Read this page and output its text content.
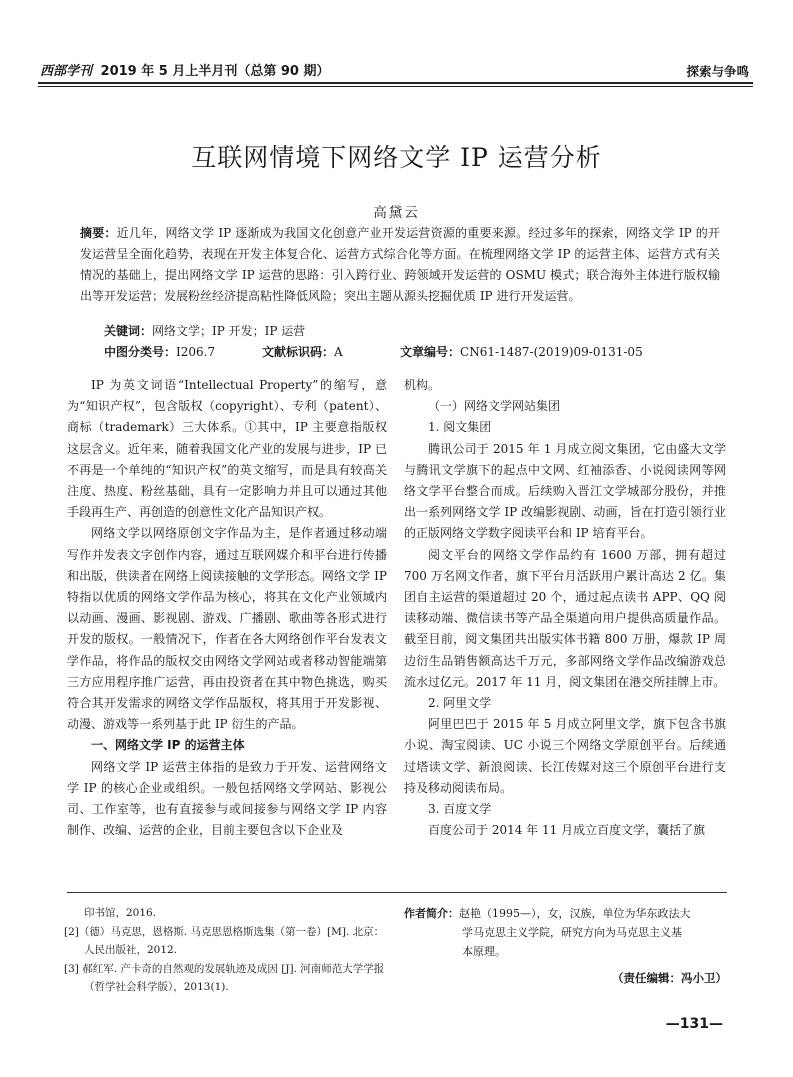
西部学刊 2019 年 5 月上半月刊（总第 90 期）	探索与争鸣
互联网情境下网络文学 IP 运营分析
高黛云
摘要：近几年，网络文学 IP 逐渐成为我国文化创意产业开发运营资源的重要来源。经过多年的探索，网络文学 IP 的开发运营呈全面化趋势，表现在开发主体复合化、运营方式综合化等方面。在梳理网络文学 IP 的运营主体、运营方式有关情况的基础上，提出网络文学 IP 运营的思路：引入跨行业、跨领域开发运营的 OSMU 模式；联合海外主体进行版权输出等开发运营；发展粉丝经济提高粘性降低风险；突出主题从源头挖掘优质 IP 进行开发运营。
关键词：网络文学；IP 开发；IP 运营
中图分类号：I206.7	文献标识码：A	文章编号：CN61-1487-(2019)09-0131-05

IP 为英文词语“Intellectual Property”的缩写，意为“知识产权”，包含版权（copyright）、专利（patent）、商标（trademark）三大体系。①其中，IP 主要意指版权这层含义。近年来，随着我国文化产业的发展与进步，IP 已不再是一个单纯的“知识产权”的英文缩写，而是具有较高关注度、热度、粉丝基础，具有一定影响力并且可以通过其他手段再生产、再创造的创意性文化产品知识产权。

网络文学以网络原创文字作品为主，是作者通过移动端写作并发表文字创作内容，通过互联网媒介和平台进行传播和出版，供读者在网络上阅读接触的文学形态。网络文学 IP 特指以优质的网络文学作品为核心，将其在文化产业领域内以动画、漫画、影视剧、游戏、广播剧、歌曲等各形式进行开发的版权。一般情况下，作者在各大网络创作平台发表文学作品，将作品的版权交由网络文学网站或者移动智能端第三方应用程序推广运营，再由投资者在其中物色挑选，购买符合其开发需求的网络文学作品版权，将其用于开发影视、动漫、游戏等一系列基于此 IP 衍生的产品。

一、网络文学 IP 的运营主体

网络文学 IP 运营主体指的是致力于开发、运营网络文学 IP 的核心企业或组织。一般包括网络文学网站、影视公司、工作室等，也有直接参与或间接参与网络文学 IP 内容制作、改编、运营的企业，目前主要包含以下企业及

机构。

（一）网络文学网站集团

1. 阅文集团

腾讯公司于 2015 年 1 月成立阅文集团，它由盛大文学与腾讯文学旗下的起点中文网、红袖添香、小说阅读网等网络文学平台整合而成。后续购入晋江文学城部分股份，并推出一系列网络文学 IP 改编影视剧、动画，旨在打造引领行业的正版网络文学数字阅读平台和 IP 培育平台。

阅文平台的网络文学作品约有 1600 万部，拥有超过 700 万名网文作者，旗下平台月活跃用户累计高达 2 亿。集团自主运营的渠道超过 20 个，通过起点读书 APP、QQ 阅读移动端、微信读书等产品全渠道向用户提供高质量作品。截至目前，阅文集团共出版实体书籍 800 万册，爆款 IP 周边衍生品销售额高达千万元，多部网络文学作品改编游戏总流水过亿元。2017 年 11 月，阅文集团在港交所挂牌上市。

2. 阿里文学

阿里巴巴于 2015 年 5 月成立阿里文学，旗下包含书旗小说、淘宝阅读、UC 小说三个网络文学原创平台。后续通过塔读文学、新浪阅读、长江传媒对这三个原创平台进行支持及移动阅读布局。

3. 百度文学

百度公司于 2014 年 11 月成立百度文学，囊括了旗

印书馆，2016.
[2]（德）马克思，恩格斯. 马克思恩格斯选集（第一卷）[M]. 北京：人民出版社，2012.
[3] 郝红军. 产卡奇的自然观的发展轨迹及成因 [J]. 河南师范大学学报（哲学社会科学版），2013(1).
作者简介：赵艳（1995—），女，汉族，单位为华东政法大
学马克思主义学院，研究方向为马克思主义基
本原理。
（责任编辑：冯小卫）
—131—
